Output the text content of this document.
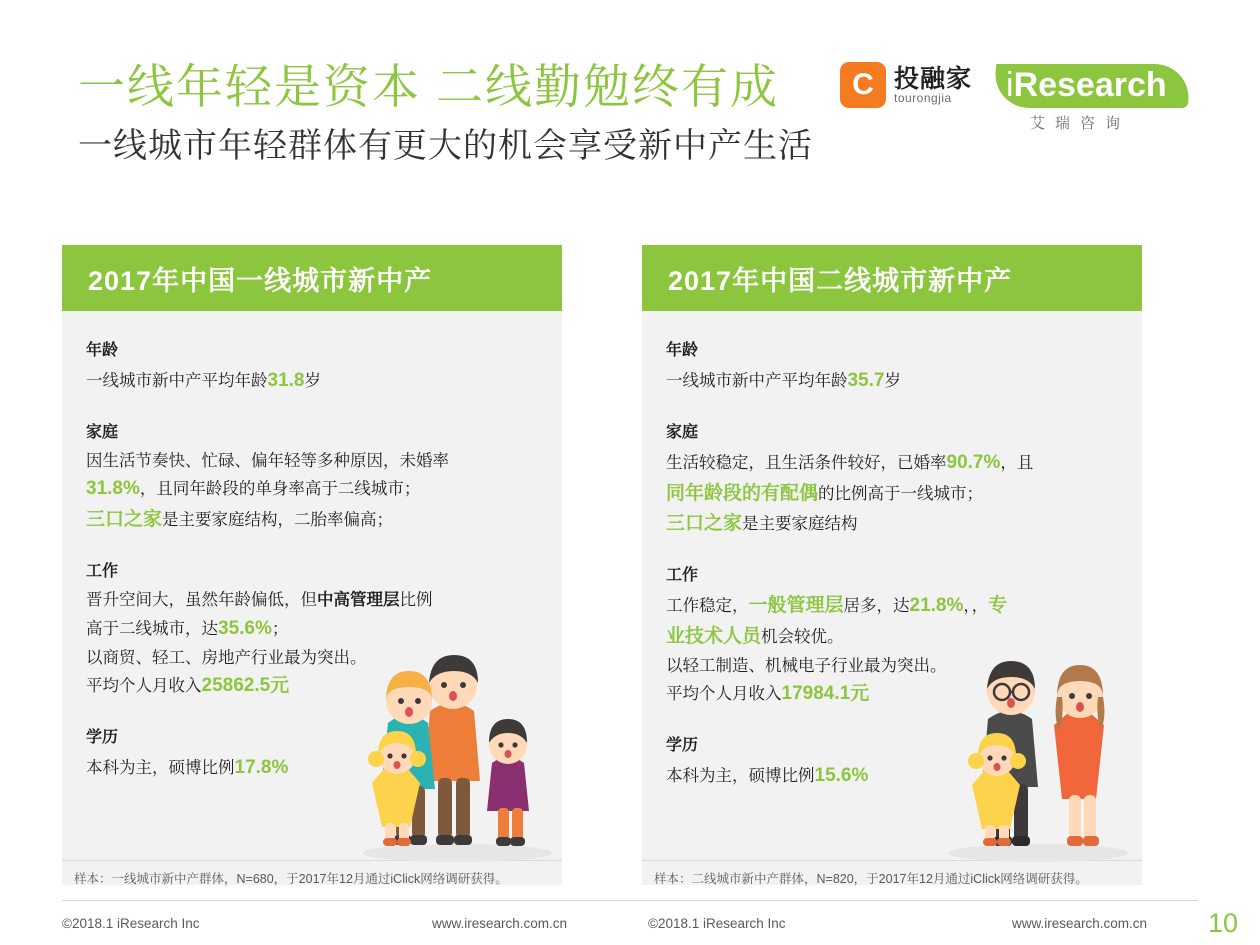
一线年轻是资本 二线勤勉终有成
一线城市年轻群体有更大的机会享受新中产生活
C 投融家
tourongjia	iResearch
艾瑞咨询
2017年中国一线城市新中产
年龄
一线城市新中产平均年龄31.8岁
家庭
因生活节奏快、忙碌、偏年轻等多种原因，未婚率
31.8%，且同年龄段的单身率高于二线城市；
三口之家是主要家庭结构，二胎率偏高；
工作
晋升空间大，虽然年龄偏低，但中高管理层比例
高于二线城市，达35.6%；
以商贸、轻工、房地产行业最为突出。
平均个人月收入25862.5元
学历
本科为主，硕博比例17.8%
2017年中国二线城市新中产
年龄
一线城市新中产平均年龄35.7岁
家庭
生活较稳定，且生活条件较好，已婚率90.7%，且
同年龄段的有配偶的比例高于一线城市；
三口之家是主要家庭结构
工作
工作稳定，一般管理层居多，达21.8%，，专
业技术人员机会较优。
以轻工制造、机械电子行业最为突出。
平均个人月收入17984.1元
学历
本科为主，硕博比例15.6%
样本：一线城市新中产群体，N=680，于2017年12月通过iClick网络调研获得。	样本：二线城市新中产群体，N=820，于2017年12月通过iClick网络调研获得。
©2018.1 iResearch Inc	www.iresearch.com.cn	©2018.1 iResearch Inc	www.iresearch.com.cn 10
